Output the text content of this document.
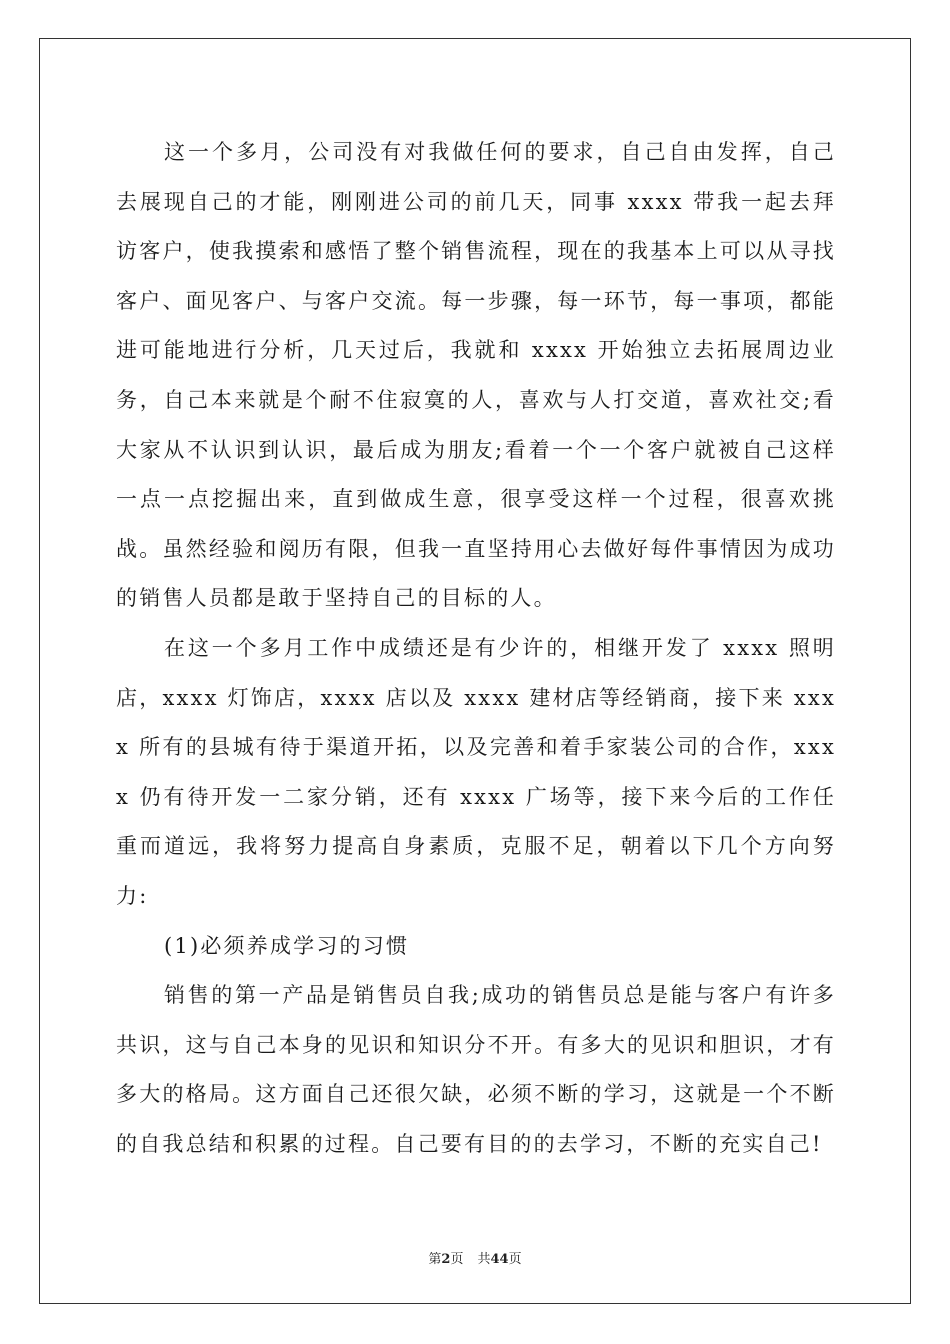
这一个多月，公司没有对我做任何的要求，自己自由发挥，自己去展现自己的才能，刚刚进公司的前几天，同事 xxxx 带我一起去拜访客户，使我摸索和感悟了整个销售流程，现在的我基本上可以从寻找客户、面见客户、与客户交流。每一步骤，每一环节，每一事项，都能进可能地进行分析，几天过后，我就和 xxxx 开始独立去拓展周边业务，自己本来就是个耐不住寂寞的人，喜欢与人打交道，喜欢社交;看大家从不认识到认识，最后成为朋友;看着一个一个客户就被自己这样一点一点挖掘出来，直到做成生意，很享受这样一个过程，很喜欢挑战。虽然经验和阅历有限，但我一直坚持用心去做好每件事情因为成功的销售人员都是敢于坚持自己的目标的人。

在这一个多月工作中成绩还是有少许的，相继开发了 xxxx 照明店，xxxx 灯饰店，xxxx 店以及 xxxx 建材店等经销商，接下来 xxxx 所有的县城有待于渠道开拓，以及完善和着手家装公司的合作，xxxx 仍有待开发一二家分销，还有 xxxx 广场等，接下来今后的工作任重而道远，我将努力提高自身素质，克服不足，朝着以下几个方向努力:

(1)必须养成学习的习惯

销售的第一产品是销售员自我;成功的销售员总是能与客户有许多共识，这与自己本身的见识和知识分不开。有多大的见识和胆识，才有多大的格局。这方面自己还很欠缺，必须不断的学习，这就是一个不断的自我总结和积累的过程。自己要有目的的去学习，不断的充实自己!

第2页 共44页
